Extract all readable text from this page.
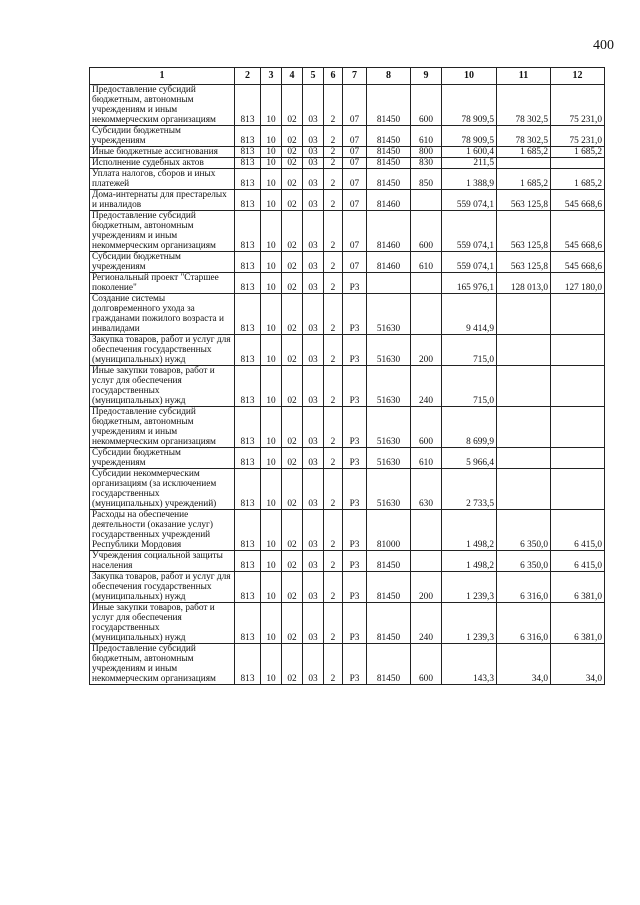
400
1	2	3	4	5	6	7	8	9	10	11	12
Предоставление субсидий бюджетным, автономным учреждениям и иным некоммерческим организациям	813	10	02	03	2	07	81450	600	78 909,5	78 302,5	75 231,0
Субсидии бюджетным учреждениям	813	10	02	03	2	07	81450	610	78 909,5	78 302,5	75 231,0
Иные бюджетные ассигнования	813	10	02	03	2	07	81450	800	1 600,4	1 685,2	1 685,2
Исполнение судебных актов	813	10	02	03	2	07	81450	830	211,5		
Уплата налогов, сборов и иных платежей	813	10	02	03	2	07	81450	850	1 388,9	1 685,2	1 685,2
Дома-интернаты для престарелых и инвалидов	813	10	02	03	2	07	81460		559 074,1	563 125,8	545 668,6
Предоставление субсидий бюджетным, автономным учреждениям и иным некоммерческим организациям	813	10	02	03	2	07	81460	600	559 074,1	563 125,8	545 668,6
Субсидии бюджетным учреждениям	813	10	02	03	2	07	81460	610	559 074,1	563 125,8	545 668,6
Региональный проект "Старшее поколение"	813	10	02	03	2	P3			165 976,1	128 013,0	127 180,0
Создание системы долговременного ухода за гражданами пожилого возраста и инвалидами	813	10	02	03	2	P3	51630		9 414,9		
Закупка товаров, работ и услуг для обеспечения государственных (муниципальных) нужд	813	10	02	03	2	P3	51630	200	715,0		
Иные закупки товаров, работ и услуг для обеспечения государственных (муниципальных) нужд	813	10	02	03	2	P3	51630	240	715,0		
Предоставление субсидий бюджетным, автономным учреждениям и иным некоммерческим организациям	813	10	02	03	2	P3	51630	600	8 699,9		
Субсидии бюджетным учреждениям	813	10	02	03	2	P3	51630	610	5 966,4		
Субсидии некоммерческим организациям (за исключением государственных (муниципальных) учреждений)	813	10	02	03	2	P3	51630	630	2 733,5		
Расходы на обеспечение деятельности (оказание услуг) государственных учреждений Республики Мордовия	813	10	02	03	2	P3	81000		1 498,2	6 350,0	6 415,0
Учреждения социальной защиты населения	813	10	02	03	2	P3	81450		1 498,2	6 350,0	6 415,0
Закупка товаров, работ и услуг для обеспечения государственных (муниципальных) нужд	813	10	02	03	2	P3	81450	200	1 239,3	6 316,0	6 381,0
Иные закупки товаров, работ и услуг для обеспечения государственных (муниципальных) нужд	813	10	02	03	2	P3	81450	240	1 239,3	6 316,0	6 381,0
Предоставление субсидий бюджетным, автономным учреждениям и иным некоммерческим организациям	813	10	02	03	2	P3	81450	600	143,3	34,0	34,0
